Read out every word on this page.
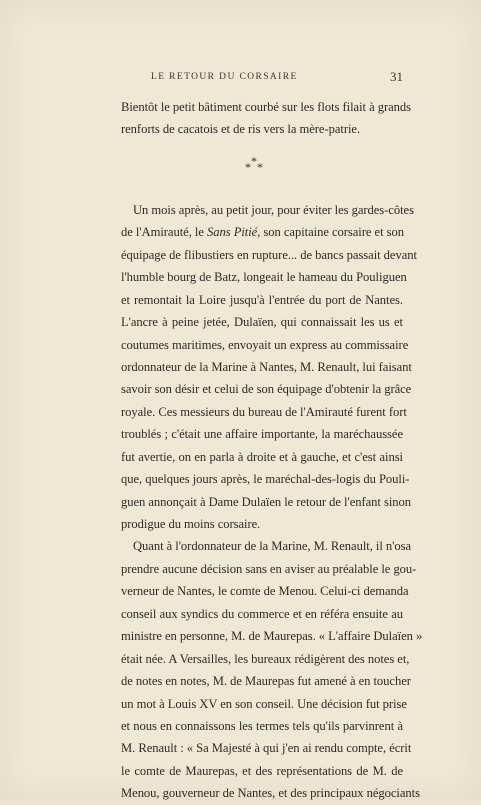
LE RETOUR DU CORSAIRE	31
Bientôt le petit bâtiment courbé sur les flots filait à grands
renforts de cacatois et de ris vers la mère-patrie.
*
* *
Un mois après, au petit jour, pour éviter les gardes-côtes
de l'Amirauté, le Sans Pitié, son capitaine corsaire et son
équipage de flibustiers en rupture... de bancs passait devant
l'humble bourg de Batz, longeait le hameau du Pouliguen
et remontait la Loire jusqu'à l'entrée du port de Nantes.
L'ancre à peine jetée, Dulaïen, qui connaissait les us et
coutumes maritimes, envoyait un express au commissaire
ordonnateur de la Marine à Nantes, M. Renault, lui faisant
savoir son désir et celui de son équipage d'obtenir la grâce
royale. Ces messieurs du bureau de l'Amirauté furent fort
troublés ; c'était une affaire importante, la maréchaussée
fut avertie, on en parla à droite et à gauche, et c'est ainsi
que, quelques jours après, le maréchal-des-logis du Pouli-
guen annonçait à Dame Dulaïen le retour de l'enfant sinon
prodigue du moins corsaire.
Quant à l'ordonnateur de la Marine, M. Renault, il n'osa
prendre aucune décision sans en aviser au préalable le gou-
verneur de Nantes, le comte de Menou. Celui-ci demanda
conseil aux syndics du commerce et en référa ensuite au
ministre en personne, M. de Maurepas. « L'affaire Dulaïen »
était née. A Versailles, les bureaux rédigèrent des notes et,
de notes en notes, M. de Maurepas fut amené à en toucher
un mot à Louis XV en son conseil. Une décision fut prise
et nous en connaissons les termes tels qu'ils parvinrent à
M. Renault : « Sa Majesté à qui j'en ai rendu compte, écrit
le comte de Maurepas, et des représentations de M. de
Menou, gouverneur de Nantes, et des principaux négociants
